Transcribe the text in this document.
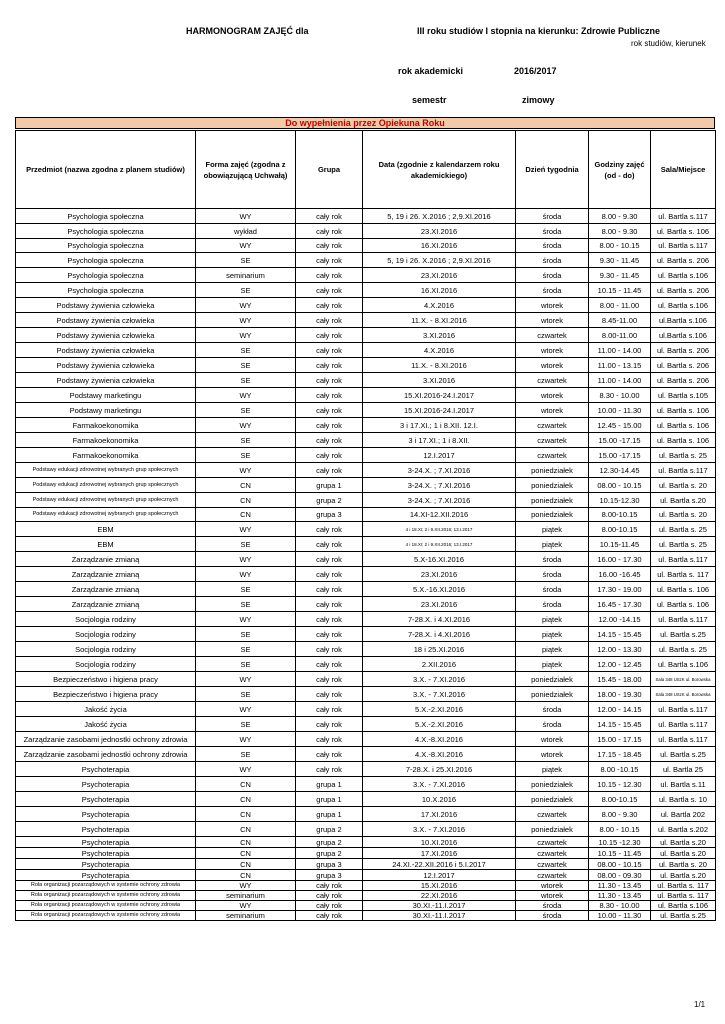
HARMONOGRAM ZAJĘĆ dla	III roku studiów I stopnia na kierunku: Zdrowie Publiczne
rok studiów, kierunek
rok akademicki	2016/2017
semestr	zimowy
Do wypełnienia przez Opiekuna Roku
Przedmiot (nazwa zgodna z planem studiów)	Forma zajęć (zgodna z obowiązującą Uchwałą)	Grupa	Data (zgodnie z kalendarzem roku akademickiego)	Dzień tygodnia	Godziny zajęć (od - do)	Sala/Miejsce
Psychologia społeczna	WY	cały rok	5, 19 i 26. X.2016 ; 2,9.XI.2016	środa	8.00 - 9.30	ul. Bartla s.117
Psychologia społeczna	wykład	cały rok	23.XI.2016	środa	8.00 - 9.30	ul. Bartla s. 106
Psychologia społeczna	WY	cały rok	16.XI.2016	środa	8.00 - 10.15	ul. Bartla s.117
Psychologia społeczna	SE	cały rok	5, 19 i 26. X.2016 ; 2,9.XI.2016	środa	9.30 - 11.45	ul. Bartla s. 206
Psychologia społeczna	seminarium	cały rok	23.XI.2016	środa	9.30 - 11.45	ul. Bartla s.106
Psychologia społeczna	SE	cały rok	16.XI.2016	środa	10.15 - 11.45	ul. Bartla s. 206
Podstawy żywienia człowieka	WY	cały rok	4.X.2016	wtorek	8.00 - 11.00	ul. Bartla s.106
Podstawy żywienia człowieka	WY	cały rok	11.X. - 8.XI.2016	wtorek	8.45-11.00	ul.Bartla s.106
Podstawy żywienia człowieka	WY	cały rok	3.XI.2016	czwartek	8.00-11.00	ul.Bartla s.106
Podstawy żywienia człowieka	SE	cały rok	4.X.2016	wtorek	11.00 - 14.00	ul. Bartla s. 206
Podstawy żywienia człowieka	SE	cały rok	11.X. - 8.XI.2016	wtorek	11.00 - 13.15	ul. Bartla s. 206
Podstawy żywienia człowieka	SE	cały rok	3.XI.2016	czwartek	11.00 - 14.00	ul. Bartla s. 206
Podstawy marketingu	WY	cały rok	15.XI.2016-24.I.2017	wtorek	8.30 - 10.00	ul. Bartla s.105
Podstawy marketingu	SE	cały rok	15.XI.2016-24.I.2017	wtorek	10.00 - 11.30	ul. Bartla s. 106
Farmakoekonomika	WY	cały rok	3 i 17.XI.; 1 i 8.XII. 12.I.	czwartek	12.45 - 15.00	ul. Bartla s. 106
Farmakoekonomika	SE	cały rok	3 i 17.XI.; 1 i 8.XII.	czwartek	15.00 -17.15	ul. Bartla s. 106
Farmakoekonomika	SE	cały rok	12.I.2017	czwartek	15.00 -17.15	ul. Bartla s. 25
Podstawy edukacji zdrowotnej wybranych grup społecznych	WY	cały rok	3-24.X. ; 7.XI.2016	poniedziałek	12.30-14.45	ul. Bartla s.117
Podstawy edukacji zdrowotnej wybranych grup społecznych	CN	grupa 1	3-24.X. ; 7.XI.2016	poniedziałek	08.00 - 10.15	ul. Bartla s. 20
Podstawy edukacji zdrowotnej wybranych grup społecznych	CN	grupa 2	3-24.X. ; 7.XI.2016	poniedziałek	10.15-12.30	ul. Bartla s.20
Podstawy edukacji zdrowotnej wybranych grup społecznych	CN	grupa 3	14.XI-12.XII.2016	poniedziałek	8.00-10.15	ul. Bartla s. 20
EBM	WY	cały rok	4 i 18.XI; 2 i 9.XII.2016; 13.I.2017	piątek	8.00-10.15	ul. Bartla s. 25
EBM	SE	cały rok	4 i 18.XI; 2 i 9.XII.2016; 13.I.2017	piątek	10.15-11.45	ul. Bartla s. 25
Zarządzanie zmianą	WY	cały rok	5.X-16.XI.2016	środa	16.00 - 17.30	ul. Bartla s.117
Zarządzanie zmianą	WY	cały rok	23.XI.2016	środa	16.00 -16.45	ul. Bartla s. 117
Zarządzanie zmianą	SE	cały rok	5.X.-16.XI.2016	środa	17.30 - 19.00	ul. Bartla s. 106
Zarządzanie zmianą	SE	cały rok	23.XI.2016	środa	16.45 - 17.30	ul. Bartla s. 106
Socjologia rodziny	WY	cały rok	7-28.X. i 4.XI.2016	piątek	12.00 -14.15	ul. Bartla s.117
Socjologia rodziny	SE	cały rok	7-28.X. i 4.XI.2016	piątek	14.15 - 15.45	ul. Bartla s.25
Socjologia rodziny	SE	cały rok	18 i 25.XI.2016	piątek	12.00 - 13.30	ul. Bartla s. 25
Socjologia rodziny	SE	cały rok	2.XII.2016	piątek	12.00 - 12.45	ul. Bartla s.106
Bezpieczeństwo i higiena pracy	WY	cały rok	3.X. - 7.XI.2016	poniedziałek	15.45 - 18.00	Sala 348 USzK ul. Borowska
Bezpieczeństwo i higiena pracy	SE	cały rok	3.X. - 7.XI.2016	poniedziałek	18.00 - 19.30	Sala 348 USzK ul. Borowska
Jakość życia	WY	cały rok	5.X.-2.XI.2016	środa	12.00 - 14.15	ul. Bartla s.117
Jakość życia	SE	cały rok	5.X.-2.XI.2016	środa	14.15 - 15.45	ul. Bartla s.117
Zarządzanie zasobami jednostki ochrony zdrowia	WY	cały rok	4.X.-8.XI.2016	wtorek	15.00 - 17.15	ul. Bartla s.117
Zarządzanie zasobami jednostki ochrony zdrowia	SE	cały rok	4.X.-8.XI.2016	wtorek	17.15 - 18.45	ul. Bartla s.25
Psychoterapia	WY	cały rok	7-28.X. i 25.XI.2016	piątek	8.00 -10.15	ul. Bartla 25
Psychoterapia	CN	grupa 1	3.X. - 7.XI.2016	poniedziałek	10.15 - 12.30	ul. Bartla s.11
Psychoterapia	CN	grupa 1	10.X.2016	poniedziałek	8.00-10.15	ul. Bartla s. 10
Psychoterapia	CN	grupa 1	17.XI.2016	czwartek	8.00 - 9.30	ul. Bartla 202
Psychoterapia	CN	grupa 2	3.X. - 7.XI.2016	poniedziałek	8.00 - 10.15	ul. Bartla s.202
Psychoterapia	CN	grupa 2	10.XI.2016	czwartek	10.15 -12.30	ul. Bartla s.20
Psychoterapia	CN	grupa 2	17.XI.2016	czwartek	10.15 - 11.45	ul. Bartla s.20
Psychoterapia	CN	grupa 3	24.XI.-22.XII.2016 i 5.I.2017	czwartek	08.00 - 10.15	ul. Bartla s. 20
Psychoterapia	CN	grupa 3	12.I.2017	czwartek	08.00 - 09.30	ul. Bartla s.20
Rola organizacji pozarządowych w systemie ochrony zdrowia	WY	cały rok	15.XI.2016	wtorek	11.30 - 13.45	ul. Bartla s. 117
Rola organizacji pozarządowych w systemie ochrony zdrowia	seminarium	cały rok	22.XI.2016	wtorek	11.30 - 13.45	ul. Bartla s. 117
Rola organizacji pozarządowych w systemie ochrony zdrowia	WY	cały rok	30.XI.-11.I.2017	środa	8.30 - 10.00	ul. Bartla s.106
Rola organizacji pozarządowych w systemie ochrony zdrowia	seminarium	cały rok	30.XI.-11.I.2017	środa	10.00 - 11.30	ul. Bartla s.25
1/1
